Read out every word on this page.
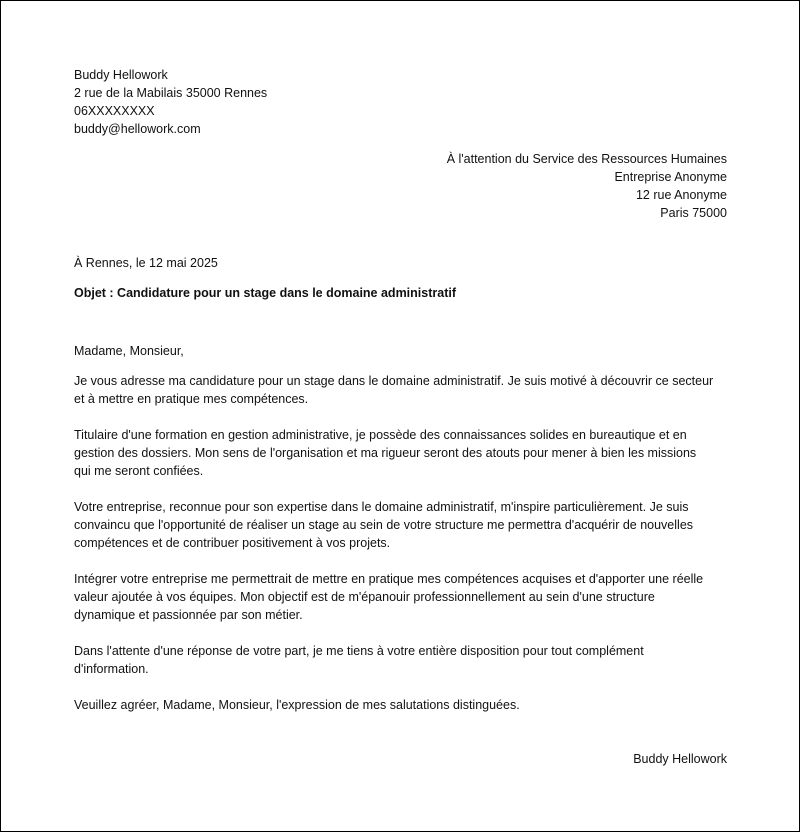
Buddy Hellowork
2 rue de la Mabilais 35000 Rennes
06XXXXXXXX
buddy@hellowork.com
À l'attention du Service des Ressources Humaines
Entreprise Anonyme
12 rue Anonyme
Paris 75000
À Rennes, le 12 mai 2025
Objet : Candidature pour un stage dans le domaine administratif
Madame, Monsieur,
Je vous adresse ma candidature pour un stage dans le domaine administratif. Je suis motivé à découvrir ce secteur
et à mettre en pratique mes compétences.
Titulaire d'une formation en gestion administrative, je possède des connaissances solides en bureautique et en
gestion des dossiers. Mon sens de l'organisation et ma rigueur seront des atouts pour mener à bien les missions
qui me seront confiées.
Votre entreprise, reconnue pour son expertise dans le domaine administratif, m'inspire particulièrement. Je suis
convaincu que l'opportunité de réaliser un stage au sein de votre structure me permettra d'acquérir de nouvelles
compétences et de contribuer positivement à vos projets.
Intégrer votre entreprise me permettrait de mettre en pratique mes compétences acquises et d'apporter une réelle
valeur ajoutée à vos équipes. Mon objectif est de m'épanouir professionnellement au sein d'une structure
dynamique et passionnée par son métier.
Dans l'attente d'une réponse de votre part, je me tiens à votre entière disposition pour tout complément
d'information.
Veuillez agréer, Madame, Monsieur, l'expression de mes salutations distinguées.
Buddy Hellowork
